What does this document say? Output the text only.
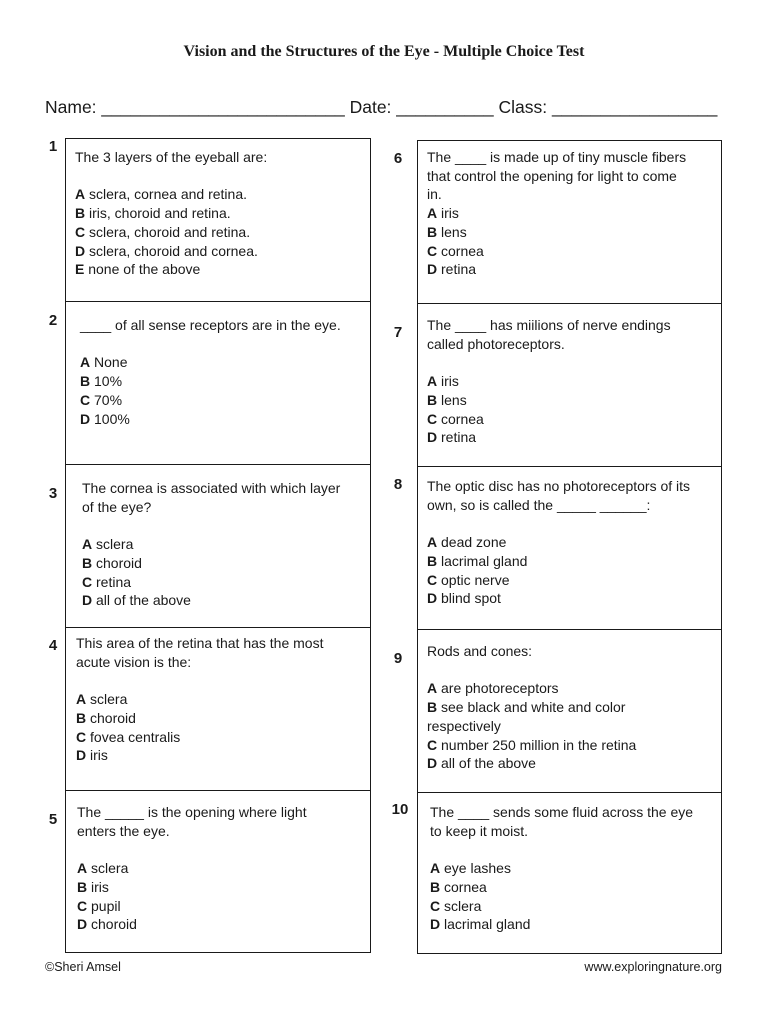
Vision and the Structures of the Eye - Multiple Choice Test
Name: _________________________ Date: __________ Class: _________________
1
2
3
4
5
6
7
8
9
10
The 3 layers of the eyeball are:
A sclera, cornea and retina.
B iris, choroid and retina.
C sclera, choroid and retina.
D sclera, choroid and cornea.
E none of the above
____ of all sense receptors are in the eye.
A None
B 10%
C 70%
D 100%
The cornea is associated with which layer
of the eye?
A sclera
B choroid
C retina
D all of the above
This area of the retina that has the most
acute vision is the:
A sclera
B choroid
C fovea centralis
D iris
The _____ is the opening where light
enters the eye.
A sclera
B iris
C pupil
D choroid
The ____ is made up of tiny muscle fibers
that control the opening for light to come
in.
A iris
B lens
C cornea
D retina
The ____ has miilions of nerve endings
called photoreceptors.
A iris
B lens
C cornea
D retina
The optic disc has no photoreceptors of its
own, so is called the _____ ______:
A dead zone
B lacrimal gland
C optic nerve
D blind spot
Rods and cones:
A are photoreceptors
B see black and white and color
respectively
C number 250 million in the retina
D all of the above
The ____ sends some fluid across the eye
to keep it moist.
A eye lashes
B cornea
C sclera
D lacrimal gland
©Sheri Amsel	www.exploringnature.org
